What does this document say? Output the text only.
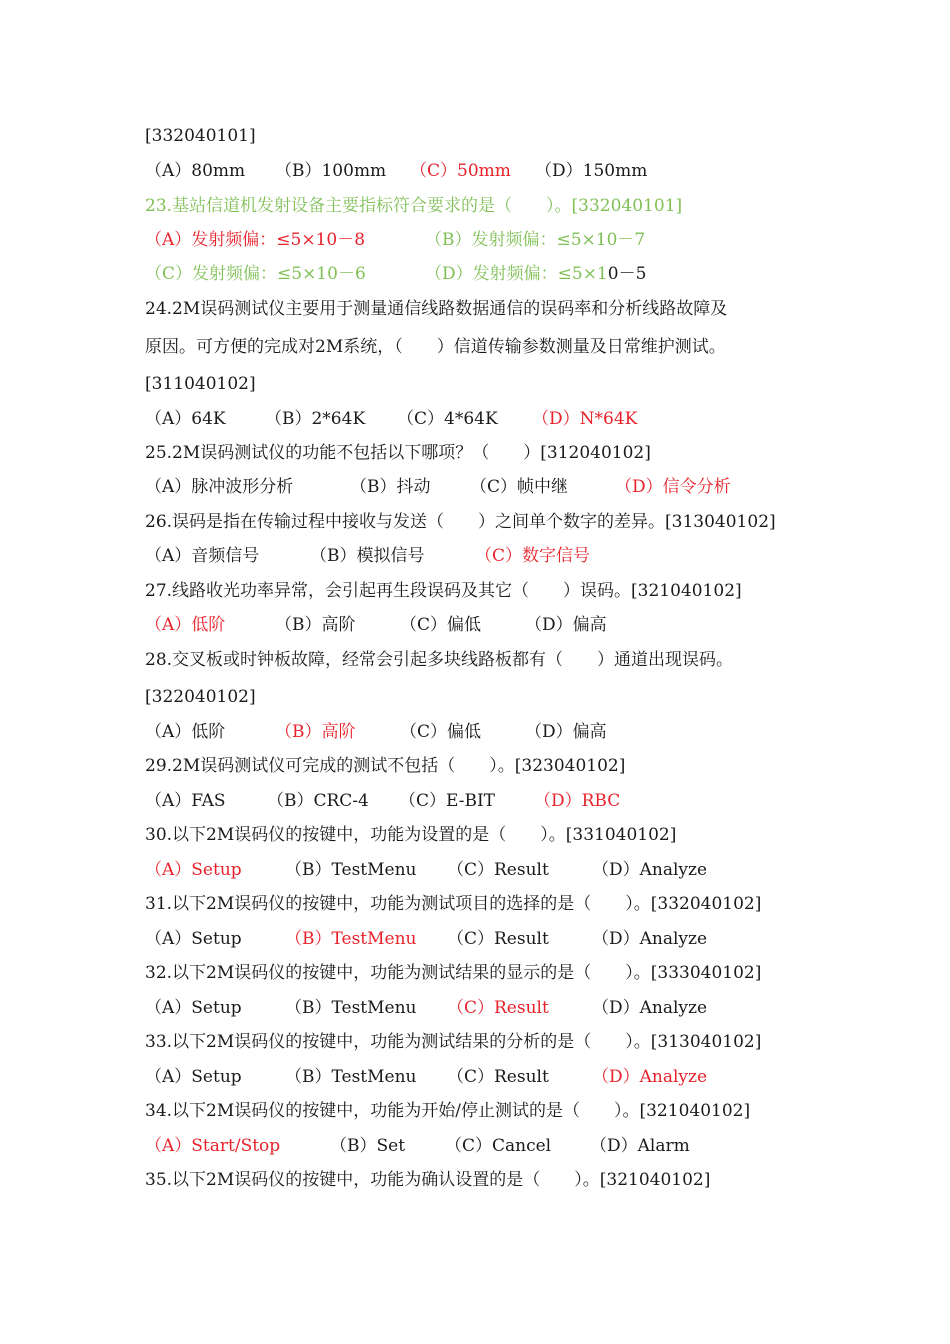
[332040101]
（A）80mm （B）100mm （C）50mm （D）150mm
23.基站信道机发射设备主要指标符合要求的是（　　）。[332040101]
（A）发射频偏：≤5×10－8	（B）发射频偏：≤5×10－7
（C）发射频偏：≤5×10－6	（D）发射频偏：≤5×10－5
24.2M误码测试仪主要用于测量通信线路数据通信的误码率和分析线路故障及
原因。可方便的完成对2M系统，（　　）信道传输参数测量及日常维护测试。
[311040102]
（A）64K （B）2*64K （C）4*64K （D）N*64K
25.2M误码测试仪的功能不包括以下哪项？（　　）[312040102]
（A）脉冲波形分析	（B）抖动 （C）帧中继	（D）信令分析
26.误码是指在传输过程中接收与发送（　　）之间单个数字的差异。[313040102]
（A）音频信号	（B）模拟信号	（C）数字信号
27.线路收光功率异常，会引起再生段误码及其它（　　）误码。[321040102]
（A）低阶	（B）高阶	（C）偏低	（D）偏高
28.交叉板或时钟板故障，经常会引起多块线路板都有（　　）通道出现误码。
[322040102]
（A）低阶	（B）高阶	（C）偏低	（D）偏高
29.2M误码测试仪可完成的测试不包括（　　）。[323040102]
（A）FAS （B）CRC-4 （C）E-BIT （D）RBC
30.以下2M误码仪的按键中，功能为设置的是（　　）。[331040102]
（A）Setup	（B）TestMenu （C）Result	（D）Analyze
31.以下2M误码仪的按键中，功能为测试项目的选择的是（　　）。[332040102]
（A）Setup	（B）TestMenu （C）Result	（D）Analyze
32.以下2M误码仪的按键中，功能为测试结果的显示的是（　　）。[333040102]
（A）Setup	（B）TestMenu （C）Result	（D）Analyze
33.以下2M误码仪的按键中，功能为测试结果的分析的是（　　）。[313040102]
（A）Setup	（B）TestMenu （C）Result	（D）Analyze
34.以下2M误码仪的按键中，功能为开始/停止测试的是（　　）。[321040102]
（A）Start/Stop	（B）Set （C）Cancel （D）Alarm
35.以下2M误码仪的按键中，功能为确认设置的是（　　）。[321040102]
